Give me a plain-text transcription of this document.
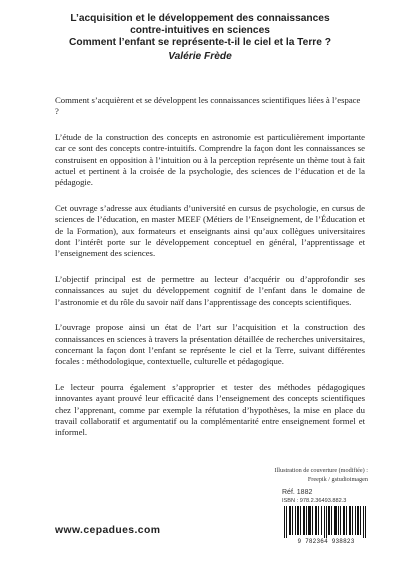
L’acquisition et le développement des connaissances
contre-intuitives en sciences
Comment l’enfant se représente-t-il le ciel et la Terre ?
Valérie Frède

Comment s’acquièrent et se développent les connaissances scientifiques liées à l’espace ?

L’étude de la construction des concepts en astronomie est particulièrement importante car ce sont des concepts contre-intuitifs. Comprendre la façon dont les connaissances se construisent en opposition à l’intuition ou à la perception représente un thème tout à fait actuel et pertinent à la croisée de la psychologie, des sciences de l’éducation et de la pédagogie.

Cet ouvrage s’adresse aux étudiants d’université en cursus de psychologie, en cursus de sciences de l’éducation, en master MEEF (Métiers de l’Enseignement, de l’Éducation et de la Formation), aux formateurs et enseignants ainsi qu’aux collègues universitaires dont l’intérêt porte sur le développement conceptuel en général, l’apprentissage et l’enseignement des sciences.

L’objectif principal est de permettre au lecteur d’acquérir ou d’approfondir ses connaissances au sujet du développement cognitif de l’enfant dans le domaine de l’astronomie et du rôle du savoir naïf dans l’apprentissage des concepts scientifiques.

L’ouvrage propose ainsi un état de l’art sur l’acquisition et la construction des connaissances en sciences à travers la présentation détaillée de recherches universitaires, concernant la façon dont l’enfant se représente le ciel et la Terre, suivant différentes focales : méthodologique, contextuelle, culturelle et pédagogique.

Le lecteur pourra également s’approprier et tester des méthodes pédagogiques innovantes ayant prouvé leur efficacité dans l’enseignement des concepts scientifiques chez l’apprenant, comme par exemple la réfutation d’hypothèses, la mise en place du travail collaboratif et argumentatif ou la complémentarité entre enseignement formel et informel.

Illustration de couverture (modifiée) :
Freepik / gstudioimagen
Réf. 1882
ISBN : 978.2.36493.882.3
9 782364 938823
www.cepadues.com
